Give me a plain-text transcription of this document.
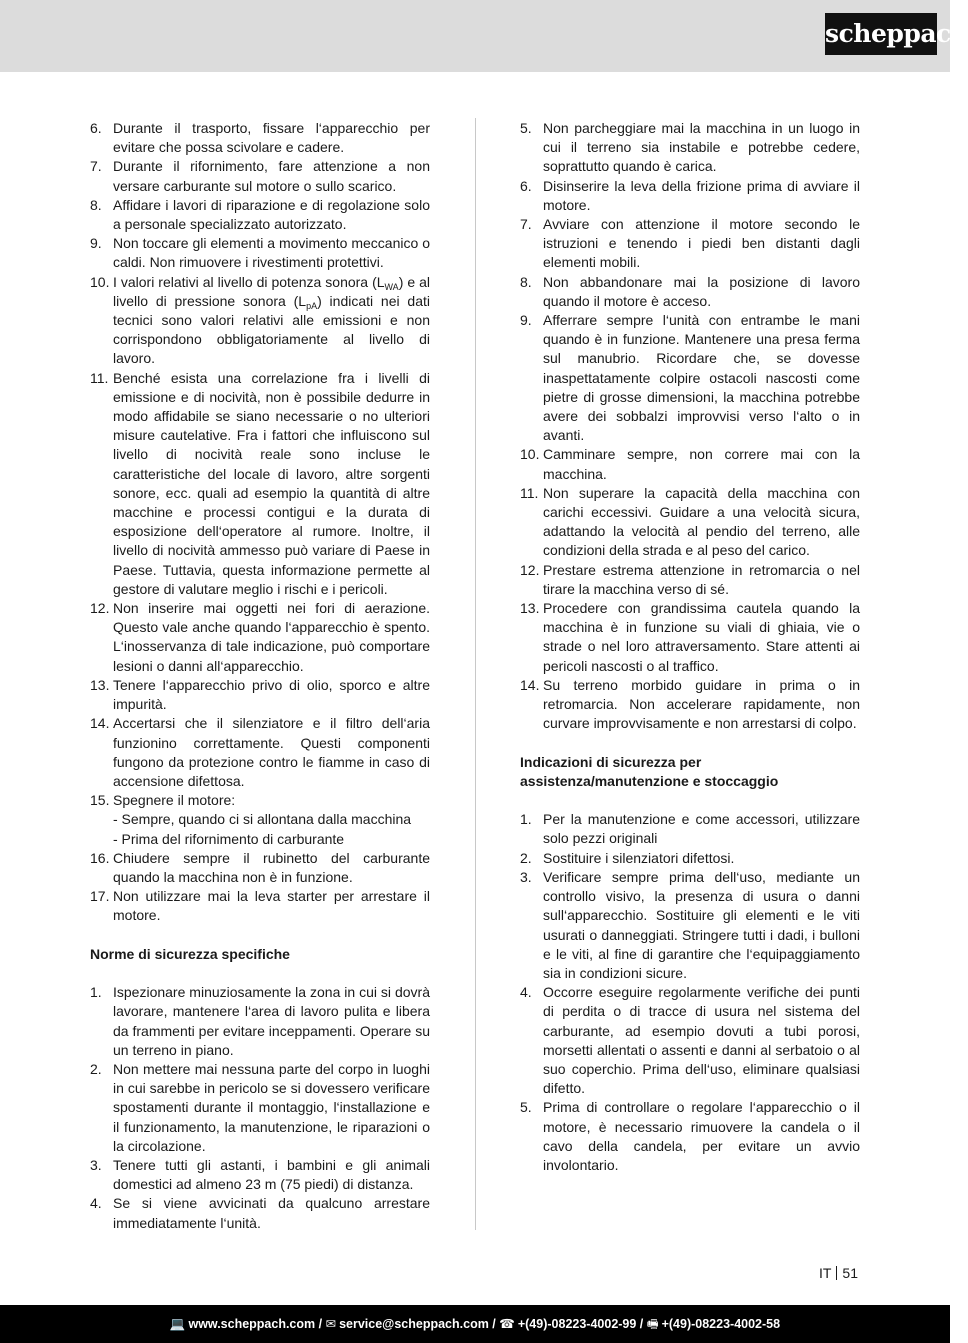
scheppach
6. Durante il trasporto, fissare l‘apparecchio per evitare che possa scivolare e cadere.
7. Durante il rifornimento, fare attenzione a non versare carburante sul motore o sullo scarico.
8. Affidare i lavori di riparazione e di regolazione solo a personale specializzato autorizzato.
9. Non toccare gli elementi a movimento meccanico o caldi. Non rimuovere i rivestimenti protettivi.
10. I valori relativi al livello di potenza sonora $(L_{WA})$ e al livello di pressione sonora $(L_{pA})$ indicati nei dati tecnici sono valori relativi alle emissioni e non corrispondono obbligatoriamente al livello di lavoro.
11. Benché esista una correlazione fra i livelli di emissione e di nocività, non è possibile dedurre in modo affidabile se siano necessarie o no ulteriori misure cautelative. Fra i fattori che influiscono sul livello di nocività reale sono incluse le caratteristiche del locale di lavoro, altre sorgenti sonore, ecc. quali ad esempio la quantità di altre macchine e processi contigui e la durata di esposizione dell‘operatore al rumore. Inoltre, il livello di nocività ammesso può variare di Paese in Paese. Tuttavia, questa informazione permette al gestore di valutare meglio i rischi e i pericoli.
12. Non inserire mai oggetti nei fori di aerazione. Questo vale anche quando l‘apparecchio è spento. L‘inosservanza di tale indicazione, può comportare lesioni o danni all‘apparecchio.
13. Tenere l‘apparecchio privo di olio, sporco e altre impurità.
14. Accertarsi che il silenziatore e il filtro dell‘aria funzionino correttamente. Questi componenti fungono da protezione contro le fiamme in caso di accensione difettosa.
15. Spegnere il motore:
- Sempre, quando ci si allontana dalla macchina
- Prima del rifornimento di carburante
16. Chiudere sempre il rubinetto del carburante quando la macchina non è in funzione.
17. Non utilizzare mai la leva starter per arrestare il motore.

Norme di sicurezza specifiche

1. Ispezionare minuziosamente la zona in cui si dovrà lavorare, mantenere l‘area di lavoro pulita e libera da frammenti per evitare inceppamenti. Operare su un terreno in piano.
2. Non mettere mai nessuna parte del corpo in luoghi in cui sarebbe in pericolo se si dovessero verificare spostamenti durante il montaggio, l‘installazione e il funzionamento, la manutenzione, le riparazioni o la circolazione.
3. Tenere tutti gli astanti, i bambini e gli animali domestici ad almeno 23 m (75 piedi) di distanza.
4. Se si viene avvicinati da qualcuno arrestare immediatamente l‘unità.
5. Non parcheggiare mai la macchina in un luogo in cui il terreno sia instabile e potrebbe cedere, soprattutto quando è carica.
6. Disinserire la leva della frizione prima di avviare il motore.
7. Avviare con attenzione il motore secondo le istruzioni e tenendo i piedi ben distanti dagli elementi mobili.
8. Non abbandonare mai la posizione di lavoro quando il motore è acceso.
9. Afferrare sempre l‘unità con entrambe le mani quando è in funzione. Mantenere una presa ferma sul manubrio. Ricordare che, se dovesse inaspettatamente colpire ostacoli nascosti come pietre di grosse dimensioni, la macchina potrebbe avere dei sobbalzi improvvisi verso l‘alto o in avanti.
10. Camminare sempre, non correre mai con la macchina.
11. Non superare la capacità della macchina con carichi eccessivi. Guidare a una velocità sicura, adattando la velocità al pendio del terreno, alle condizioni della strada e al peso del carico.
12. Prestare estrema attenzione in retromarcia o nel tirare la macchina verso di sé.
13. Procedere con grandissima cautela quando la macchina è in funzione su viali di ghiaia, vie o strade o nel loro attraversamento. Stare attenti ai pericoli nascosti o al traffico.
14. Su terreno morbido guidare in prima o in retromarcia. Non accelerare rapidamente, non curvare improvvisamente e non arrestarsi di colpo.

Indicazioni di sicurezza per assistenza/manutenzione e stoccaggio

1. Per la manutenzione e come accessori, utilizzare solo pezzi originali
2. Sostituire i silenziatori difettosi.
3. Verificare sempre prima dell‘uso, mediante un controllo visivo, la presenza di usura o danni sull‘apparecchio. Sostituire gli elementi e le viti usurati o danneggiati. Stringere tutti i dadi, i bulloni e le viti, al fine di garantire che l‘equipaggiamento sia in condizioni sicure.
4. Occorre eseguire regolarmente verifiche dei punti di perdita o di tracce di usura nel sistema del carburante, ad esempio dovuti a tubi porosi, morsetti allentati o assenti e danni al serbatoio o al suo coperchio. Prima dell‘uso, eliminare qualsiasi difetto.
5. Prima di controllare o regolare l‘apparecchio o il motore, è necessario rimuovere la candela o il cavo della candela, per evitare un avvio involontario.
IT 51
💻 www.scheppach.com / ✉ service@scheppach.com / ☎ +(49)-08223-4002-99 / 🖷 +(49)-08223-4002-58
